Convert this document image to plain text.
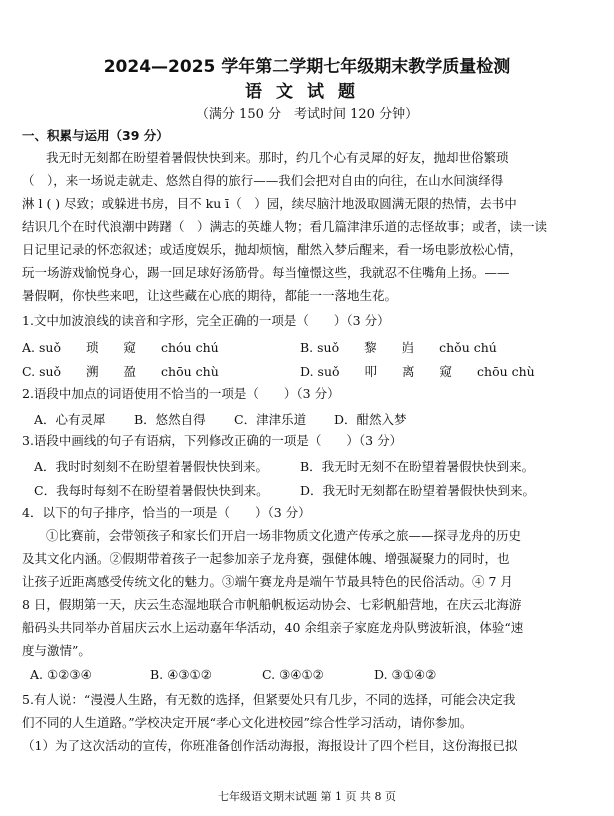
2024—2025 学年第二学期七年级期末教学质量检测
语文试题
（满分 150 分　考试时间 120 分钟）
一、积累与运用（39 分）
我无时无刻都在盼望着暑假快快到来。那时，约几个心有灵犀的好友，抛却世俗繁琐
（　），来一场说走就走、悠然自得的旅行——我们会把对自由的向往，在山水间演绎得
淋 l ( ) 尽致；或躲进书房，目不 ku ī（　）园，续尽脑汁地汲取圆满无限的热情，去书中
结识几个在时代浪潮中踌躇（　）满志的英雄人物；看几篇津津乐道的志怪故事；或者，读一读
日记里记录的怀恋叙述；或适度娱乐，抛却烦恼，酣然入梦后醒来，看一场电影放松心情，
玩一场游戏愉悦身心，踢一回足球好汤筋骨。每当憧憬这些，我就忍不住嘴角上扬。——
暑假啊，你快些来吧，让这些藏在心底的期待，都能一一落地生花。
1.文中加波浪线的读音和字形，完全正确的一项是（　　）（3 分）
A. suǒ　　琐　　窥　　chóu chú	B. suǒ　　黎　　岿　　chǒu chú
C. suǒ　　溯　　盈　　chōu chù	D. suǒ　　叩　　离　　窥　　chōu chù
2.语段中加点的词语使用不恰当的一项是（　　）（3 分）
A．心有灵犀 B．悠然自得 C．津津乐道 D．酣然入梦
3.语段中画线的句子有语病，下列修改正确的一项是（　　）（3 分）
A．我时时刻刻不在盼望着暑假快快到来。	B．我无时无刻不在盼望着暑假快快到来。
C．我每时每刻不在盼望着暑假快快到来。	D．我无时无刻都在盼望着暑假快快到来。
4．以下的句子排序，恰当的一项是（　　）（3 分）
①比赛前，会带领孩子和家长们开启一场非物质文化遗产传承之旅——探寻龙舟的历史
及其文化内涵。②假期带着孩子一起参加亲子龙舟赛，强健体魄、增强凝聚力的同时，也
让孩子近距离感受传统文化的魅力。③端午赛龙舟是端午节最具特色的民俗活动。④ 7 月
8 日，假期第一天，庆云生态湿地联合市帆船帆板运动协会、七彩帆船营地，在庆云北海游
船码头共同举办首届庆云水上运动嘉年华活动，40 余组亲子家庭龙舟队劈波斩浪，体验“速
度与激情”。
A. ①②③④	B. ④③①②	C. ③④①②	D. ③①④②
5.有人说：“漫漫人生路，有无数的选择，但紧要处只有几步，不同的选择，可能会决定我
们不同的人生道路。”学校决定开展“孝心文化进校园”综合性学习活动，请你参加。
（1）为了这次活动的宣传，你班准备创作活动海报，海报设计了四个栏目，这份海报已拟
七年级语文期末试题 第 1 页 共 8 页
